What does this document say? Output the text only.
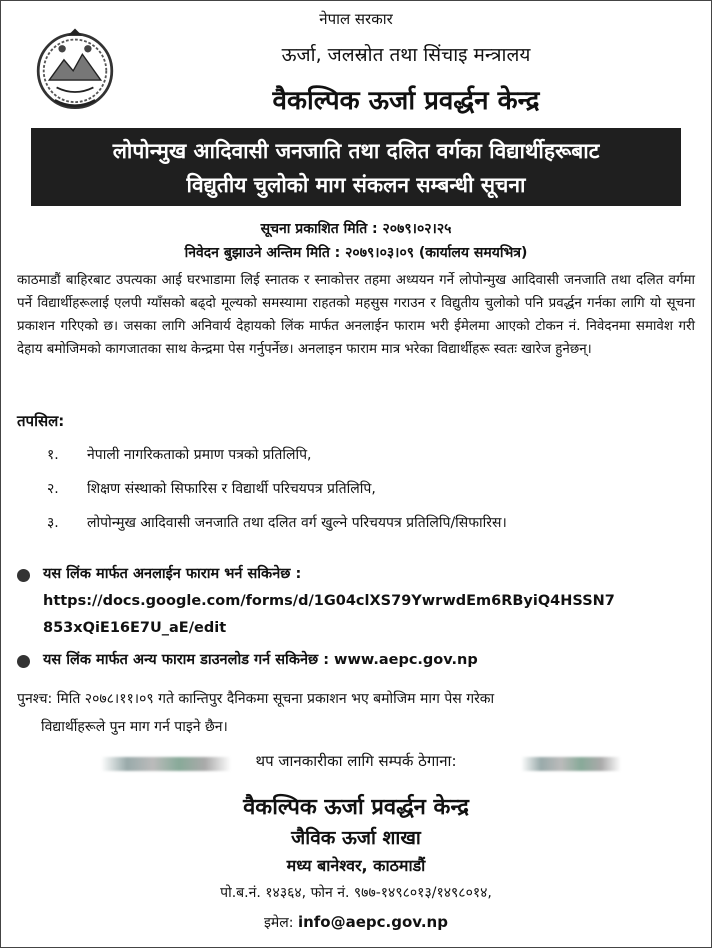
नेपाल सरकार
ऊर्जा, जलस्रोत तथा सिंचाइ मन्त्रालय
वैकल्पिक ऊर्जा प्रवर्द्धन केन्द्र
लोपोन्मुख आदिवासी जनजाति तथा दलित वर्गका विद्यार्थीहरूबाट
विद्युतीय चुलोको माग संकलन सम्बन्धी सूचना
सूचना प्रकाशित मिति : २०७९।०२।२५
निवेदन बुझाउने अन्तिम मिति : २०७९।०३।०९ (कार्यालय समयभित्र)
काठमाडौं बाहिरबाट उपत्यका आई घरभाडामा लिई स्नातक र स्नाकोत्तर तहमा अध्ययन गर्ने लोपोन्मुख आदिवासी जनजाति तथा दलित वर्गमा पर्ने विद्यार्थीहरूलाई एलपी ग्याँसको बढ्दो मूल्यको समस्यामा राहतको महसुस गराउन र विद्युतीय चुलोको पनि प्रवर्द्धन गर्नका लागि यो सूचना प्रकाशन गरिएको छ। जसका लागि अनिवार्य देहायको लिंक मार्फत अनलाईन फाराम भरी ईमेलमा आएको टोकन नं. निवेदनमा समावेश गरी देहाय बमोजिमको कागजातका साथ केन्द्रमा पेस गर्नुपर्नेछ। अनलाइन फाराम मात्र भरेका विद्यार्थीहरू स्वतः खारेज हुनेछन्।
तपसिल:
१. नेपाली नागरिकताको प्रमाण पत्रको प्रतिलिपि,
२. शिक्षण संस्थाको सिफारिस र विद्यार्थी परिचयपत्र प्रतिलिपि,
३. लोपोन्मुख आदिवासी जनजाति तथा दलित वर्ग खुल्ने परिचयपत्र प्रतिलिपि/सिफारिस।
यस लिंक मार्फत अनलाईन फाराम भर्न सकिनेछ :
https://docs.google.com/forms/d/1G04clXS79YwrwdEm6RByiQ4HSSN7
853xQiE16E7U_aE/edit
यस लिंक मार्फत अन्य फाराम डाउनलोड गर्न सकिनेछ : www.aepc.gov.np
पुनश्च: मिति २०७८।११।०९ गते कान्तिपुर दैनिकमा सूचना प्रकाशन भए बमोजिम माग पेस गरेका
विद्यार्थीहरूले पुन माग गर्न पाइने छैन।
थप जानकारीका लागि सम्पर्क ठेगाना:
वैकल्पिक ऊर्जा प्रवर्द्धन केन्द्र
जैविक ऊर्जा शाखा
मध्य बानेश्वर, काठमाडौं
पो.ब.नं. १४३६४, फोन नं. ९७७-१४९८०१३/१४९८०१४,
इमेल: info@aepc.gov.np
